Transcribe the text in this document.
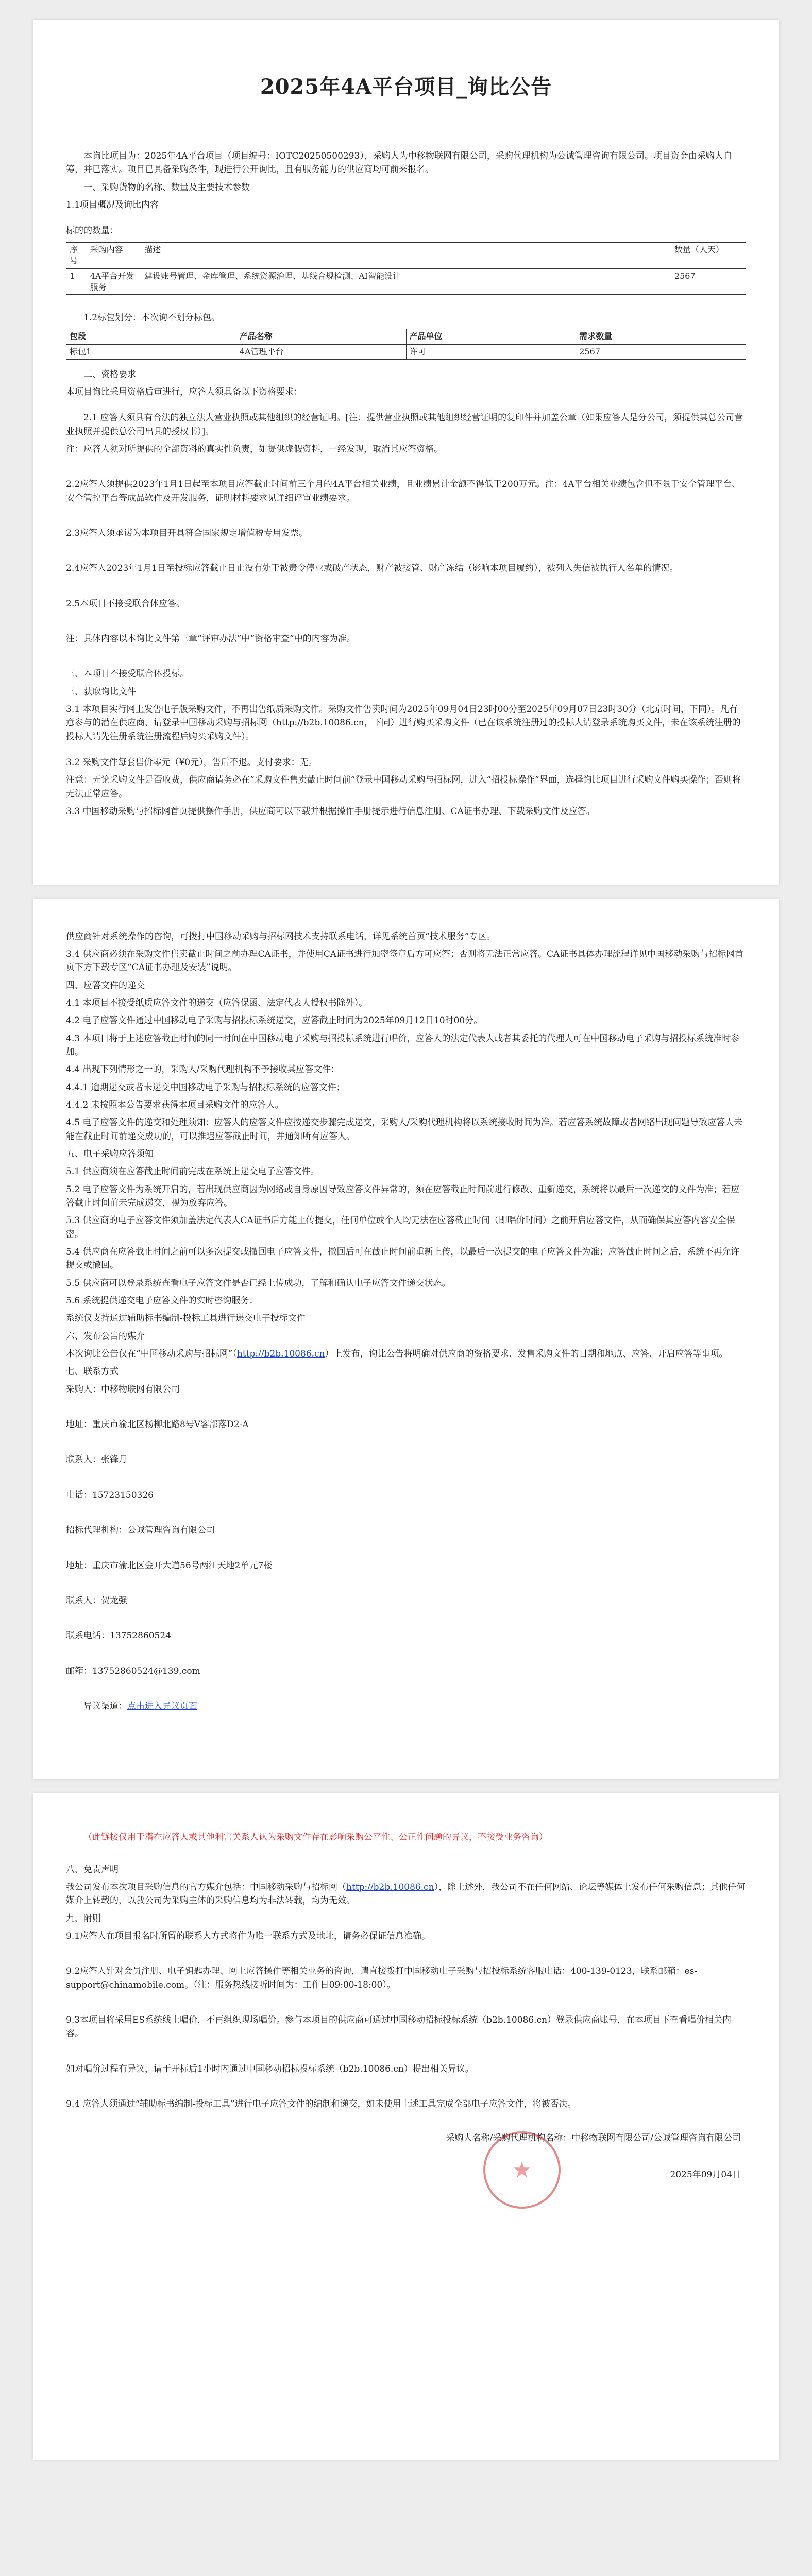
2025年4A平台项目_询比公告

本询比项目为：2025年4A平台项目（项目编号：IOTC20250500293），采购人为中移物联网有限公司，采购代理机构为公诚管理咨询有限公司。项目资金由采购人自筹，并已落实。项目已具备采购条件，现进行公开询比，且有服务能力的供应商均可前来报名。

一、采购货物的名称、数量及主要技术参数

1.1项目概况及询比内容

标的的数量：

序号	采购内容	描述	数量（人天）
1	4A平台开发服务	建设账号管理、金库管理、系统资源治理、基线合规检测、AI智能设计	2567

1.2标包划分：本次询不划分标包。

包段	产品名称	产品单位	需求数量
标包1	4A管理平台	许可	2567

二、资格要求

本项目询比采用资格后审进行，应答人须具备以下资格要求：

2.1 应答人须具有合法的独立法人营业执照或其他组织的经营证明。[注：提供营业执照或其他组织经营证明的复印件并加盖公章（如果应答人是分公司，须提供其总公司营业执照并提供总公司出具的授权书）]。

注：应答人须对所提供的全部资料的真实性负责，如提供虚假资料，一经发现，取消其应答资格。

2.2应答人须提供2023年1月1日起至本项目应答截止时间前三个月的4A平台相关业绩，且业绩累计金额不得低于200万元。注：4A平台相关业绩包含但不限于安全管理平台、安全管控平台等成品软件及开发服务，证明材料要求见详细评审业绩要求。

2.3应答人须承诺为本项目开具符合国家规定增值税专用发票。

2.4应答人2023年1月1日至投标应答截止日止没有处于被责令停业或破产状态，财产被接管、财产冻结（影响本项目履约），被列入失信被执行人名单的情况。

2.5本项目不接受联合体应答。

注：具体内容以本询比文件第三章“评审办法”中“资格审查”中的内容为准。

三、本项目不接受联合体投标。

三、获取询比文件

3.1 本项目实行网上发售电子版采购文件，不再出售纸质采购文件。采购文件售卖时间为2025年09月04日23时00分至2025年09月07日23时30分（北京时间，下同）。凡有意参与的潜在供应商，请登录中国移动采购与招标网（http://b2b.10086.cn，下同）进行购买采购文件（已在该系统注册过的投标人请登录系统购买文件，未在该系统注册的投标人请先注册系统注册流程后购买采购文件）。

3.2 采购文件每套售价零元（¥0元），售后不退。支付要求：无。

注意：无论采购文件是否收费，供应商请务必在“采购文件售卖截止时间前”登录中国移动采购与招标网，进入“招投标操作”界面，选择询比项目进行采购文件购买操作；否则将无法正常应答。

3.3 中国移动采购与招标网首页提供操作手册，供应商可以下载并根据操作手册提示进行信息注册、CA证书办理、下载采购文件及应答。

供应商针对系统操作的咨询，可拨打中国移动采购与招标网技术支持联系电话，详见系统首页“技术服务”专区。

3.4 供应商必须在采购文件售卖截止时间之前办理CA证书，并使用CA证书进行加密签章后方可应答；否则将无法正常应答。CA证书具体办理流程详见中国移动采购与招标网首页下方下载专区“CA证书办理及安装”说明。

四、应答文件的递交

4.1 本项目不接受纸质应答文件的递交（应答保函、法定代表人授权书除外）。

4.2 电子应答文件通过中国移动电子采购与招投标系统递交，应答截止时间为2025年09月12日10时00分。

4.3 本项目将于上述应答截止时间的同一时间在中国移动电子采购与招投标系统进行唱价，应答人的法定代表人或者其委托的代理人可在中国移动电子采购与招投标系统准时参加。

4.4 出现下列情形之一的，采购人/采购代理机构不予接收其应答文件：

4.4.1 逾期递交或者未递交中国移动电子采购与招投标系统的应答文件；

4.4.2 未按照本公告要求获得本项目采购文件的应答人。

4.5 电子应答文件的递交和处理须知：应答人的应答文件应按递交步骤完成递交，采购人/采购代理机构将以系统接收时间为准。若应答系统故障或者网络出现问题导致应答人未能在截止时间前递交成功的，可以推迟应答截止时间，并通知所有应答人。

五、电子采购应答须知

5.1 供应商须在应答截止时间前完成在系统上递交电子应答文件。

5.2 电子应答文件为系统开启的，若出现供应商因为网络或自身原因导致应答文件异常的，须在应答截止时间前进行修改、重新递交，系统将以最后一次递交的文件为准；若应答截止时间前未完成递交，视为放弃应答。

5.3 供应商的电子应答文件须加盖法定代表人CA证书后方能上传提交，任何单位或个人均无法在应答截止时间（即唱价时间）之前开启应答文件，从而确保其应答内容安全保密。

5.4 供应商在应答截止时间之前可以多次提交或撤回电子应答文件，撤回后可在截止时间前重新上传，以最后一次提交的电子应答文件为准；应答截止时间之后，系统不再允许提交或撤回。

5.5 供应商可以登录系统查看电子应答文件是否已经上传成功，了解和确认电子应答文件递交状态。

5.6 系统提供递交电子应答文件的实时咨询服务：

系统仅支持通过辅助标书编制-投标工具进行递交电子投标文件

六、发布公告的媒介

本次询比公告仅在“中国移动采购与招标网”（http://b2b.10086.cn）上发布，询比公告将明确对供应商的资格要求、发售采购文件的日期和地点、应答、开启应答等事项。

七、联系方式

采购人：中移物联网有限公司

地址：重庆市渝北区杨柳北路8号V客部落D2-A

联系人：张锋月

电话：15723150326

招标代理机构：公诚管理咨询有限公司

地址：重庆市渝北区金开大道56号两江天地2单元7楼

联系人：贺龙强

联系电话：13752860524

邮箱：13752860524@139.com

异议渠道：点击进入异议页面

（此链接仅用于潜在应答人或其他利害关系人认为采购文件存在影响采购公平性、公正性问题的异议，不接受业务咨询）

八、免责声明

我公司发布本次项目采购信息的官方媒介包括：中国移动采购与招标网（http://b2b.10086.cn），除上述外，我公司不在任何网站、论坛等媒体上发布任何采购信息；其他任何媒介上转载的，以我公司为采购主体的采购信息均为非法转载，均为无效。

九、附则

9.1应答人在项目报名时所留的联系人方式将作为唯一联系方式及地址，请务必保证信息准确。

9.2应答人针对会员注册、电子钥匙办理、网上应答操作等相关业务的咨询，请直接拨打中国移动电子采购与招投标系统客服电话：400-139-0123，联系邮箱：es-support@chinamobile.com。（注：服务热线接听时间为：工作日09:00-18:00）。

9.3本项目将采用ES系统线上唱价，不再组织现场唱价。参与本项目的供应商可通过中国移动招标投标系统（b2b.10086.cn）登录供应商账号，在本项目下查看唱价相关内容。

如对唱价过程有异议，请于开标后1小时内通过中国移动招标投标系统（b2b.10086.cn）提出相关异议。

9.4 应答人须通过“辅助标书编制-投标工具”进行电子应答文件的编制和递交，如未使用上述工具完成全部电子应答文件，将被否决。

采购人名称/采购代理机构名称：中移物联网有限公司/公诚管理咨询有限公司

2025年09月04日
